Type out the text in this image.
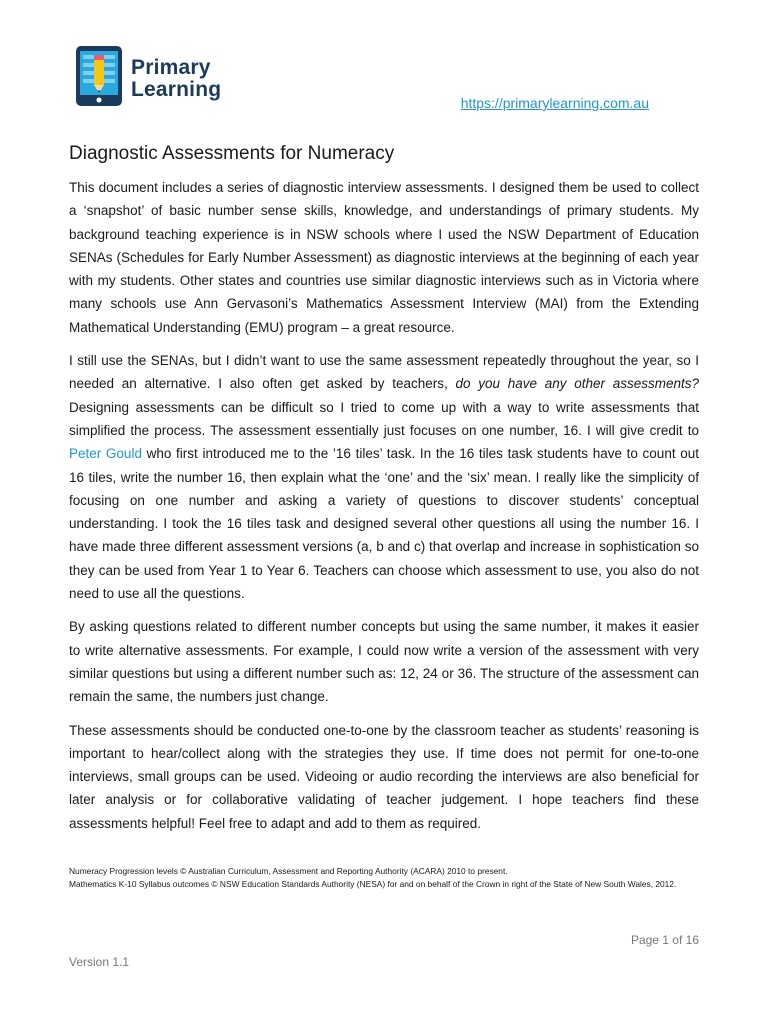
Primary
Learning
https://primarylearning.com.au
Diagnostic Assessments for Numeracy

This document includes a series of diagnostic interview assessments. I designed them be used to collect a ‘snapshot’ of basic number sense skills, knowledge, and understandings of primary students. My background teaching experience is in NSW schools where I used the NSW Department of Education SENAs (Schedules for Early Number Assessment) as diagnostic interviews at the beginning of each year with my students. Other states and countries use similar diagnostic interviews such as in Victoria where many schools use Ann Gervasoni’s Mathematics Assessment Interview (MAI) from the Extending Mathematical Understanding (EMU) program – a great resource.

I still use the SENAs, but I didn’t want to use the same assessment repeatedly throughout the year, so I needed an alternative. I also often get asked by teachers, do you have any other assessments? Designing assessments can be difficult so I tried to come up with a way to write assessments that simplified the process. The assessment essentially just focuses on one number, 16. I will give credit to Peter Gould who first introduced me to the ’16 tiles’ task. In the 16 tiles task students have to count out 16 tiles, write the number 16, then explain what the ‘one’ and the ‘six’ mean. I really like the simplicity of focusing on one number and asking a variety of questions to discover students’ conceptual understanding. I took the 16 tiles task and designed several other questions all using the number 16. I have made three different assessment versions (a, b and c) that overlap and increase in sophistication so they can be used from Year 1 to Year 6. Teachers can choose which assessment to use, you also do not need to use all the questions.

By asking questions related to different number concepts but using the same number, it makes it easier to write alternative assessments. For example, I could now write a version of the assessment with very similar questions but using a different number such as: 12, 24 or 36. The structure of the assessment can remain the same, the numbers just change.

These assessments should be conducted one-to-one by the classroom teacher as students’ reasoning is important to hear/collect along with the strategies they use. If time does not permit for one-to-one interviews, small groups can be used. Videoing or audio recording the interviews are also beneficial for later analysis or for collaborative validating of teacher judgement. I hope teachers find these assessments helpful! Feel free to adapt and add to them as required.

Numeracy Progression levels © Australian Curriculum, Assessment and Reporting Authority (ACARA) 2010 to present.

Mathematics K-10 Syllabus outcomes © NSW Education Standards Authority (NESA) for and on behalf of the Crown in right of the State of New South Wales, 2012.

Page 1 of 16
Version 1.1
